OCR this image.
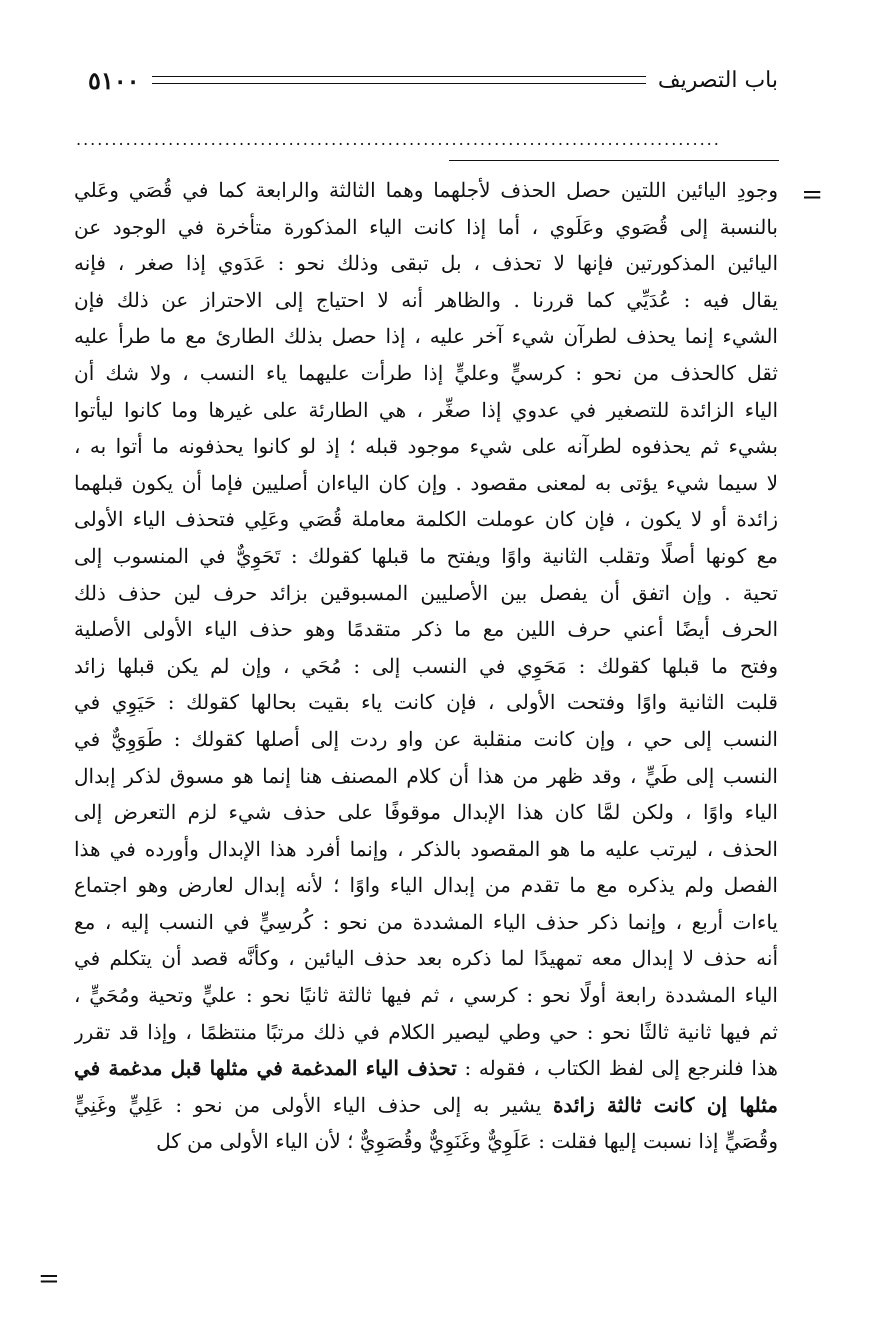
باب التصريف
٥١٠٠
...........................................................................................
=
=
وجودِ اليائين اللتين حصل الحذف لأجلهما وهما الثالثة والرابعة كما في قُصَي وعَلي
بالنسبة إلى قُصَوي وعَلَوي ، أما إذا كانت الياء المذكورة متأخرة في الوجود عن
اليائين المذكورتين فإنها لا تحذف ، بل تبقى وذلك نحو : عَدَوي إذا صغر ، فإنه
يقال فيه : عُدَيِّي كما قررنا . والظاهر أنه لا احتياج إلى الاحتراز عن ذلك فإن
الشيء إنما يحذف لطرآن شيء آخر عليه ، إذا حصل بذلك الطارئ مع ما طرأ عليه
ثقل كالحذف من نحو : كرسيٍّ وعليٍّ إذا طرأت عليهما ياء النسب ، ولا شك أن
الياء الزائدة للتصغير في عدوي إذا صغِّر ، هي الطارئة على غيرها وما كانوا ليأتوا
بشيء ثم يحذفوه لطرآنه على شيء موجود قبله ؛ إذ لو كانوا يحذفونه ما أتوا به ،
لا سيما شيء يؤتى به لمعنى مقصود . وإن كان الياءان أصليين فإما أن يكون قبلهما
زائدة أو لا يكون ، فإن كان عوملت الكلمة معاملة قُصَي وعَلِي فتحذف الياء الأولى
مع كونها أصلًا وتقلب الثانية واوًا ويفتح ما قبلها كقولك : تَحَوِيٌّ في المنسوب إلى
تحية . وإن اتفق أن يفصل بين الأصليين المسبوقين بزائد حرف لين حذف ذلك
الحرف أيضًا أعني حرف اللين مع ما ذكر متقدمًا وهو حذف الياء الأولى الأصلية
وفتح ما قبلها كقولك : مَحَوِي في النسب إلى : مُحَي ، وإن لم يكن قبلها زائد
قلبت الثانية واوًا وفتحت الأولى ، فإن كانت ياء بقيت بحالها كقولك : حَيَوِي في
النسب إلى حي ، وإن كانت منقلبة عن واو ردت إلى أصلها كقولك : طَوَوِيٌّ في
النسب إلى طَيٍّ ، وقد ظهر من هذا أن كلام المصنف هنا إنما هو مسوق لذكر إبدال
الياء واوًا ، ولكن لمَّا كان هذا الإبدال موقوفًا على حذف شيء لزم التعرض إلى
الحذف ، ليرتب عليه ما هو المقصود بالذكر ، وإنما أفرد هذا الإبدال وأورده في هذا
الفصل ولم يذكره مع ما تقدم من إبدال الياء واوًا ؛ لأنه إبدال لعارض وهو اجتماع
ياءات أربع ، وإنما ذكر حذف الياء المشددة من نحو : كُرسِيٍّ في النسب إليه ، مع
أنه حذف لا إبدال معه تمهيدًا لما ذكره بعد حذف اليائين ، وكأنَّه قصد أن يتكلم في
الياء المشددة رابعة أولًا نحو : كرسي ، ثم فيها ثالثة ثانيًا نحو : عليٍّ وتحية ومُحَيٍّ ،
ثم فيها ثانية ثالثًا نحو : حي وطي ليصير الكلام في ذلك مرتبًا منتظمًا ، وإذا قد تقرر
هذا فلنرجع إلى لفظ الكتاب ، فقوله : تحذف الياء المدغمة في مثلها قبل مدغمة في
مثلها إن كانت ثالثة زائدة يشير به إلى حذف الياء الأولى من نحو : عَلِيٍّ وغَنِيٍّ
وقُصَيٍّ إذا نسبت إليها فقلت : عَلَوِيٌّ وغَنَوِيٌّ وقُصَوِيٌّ ؛ لأن الياء الأولى من كل
